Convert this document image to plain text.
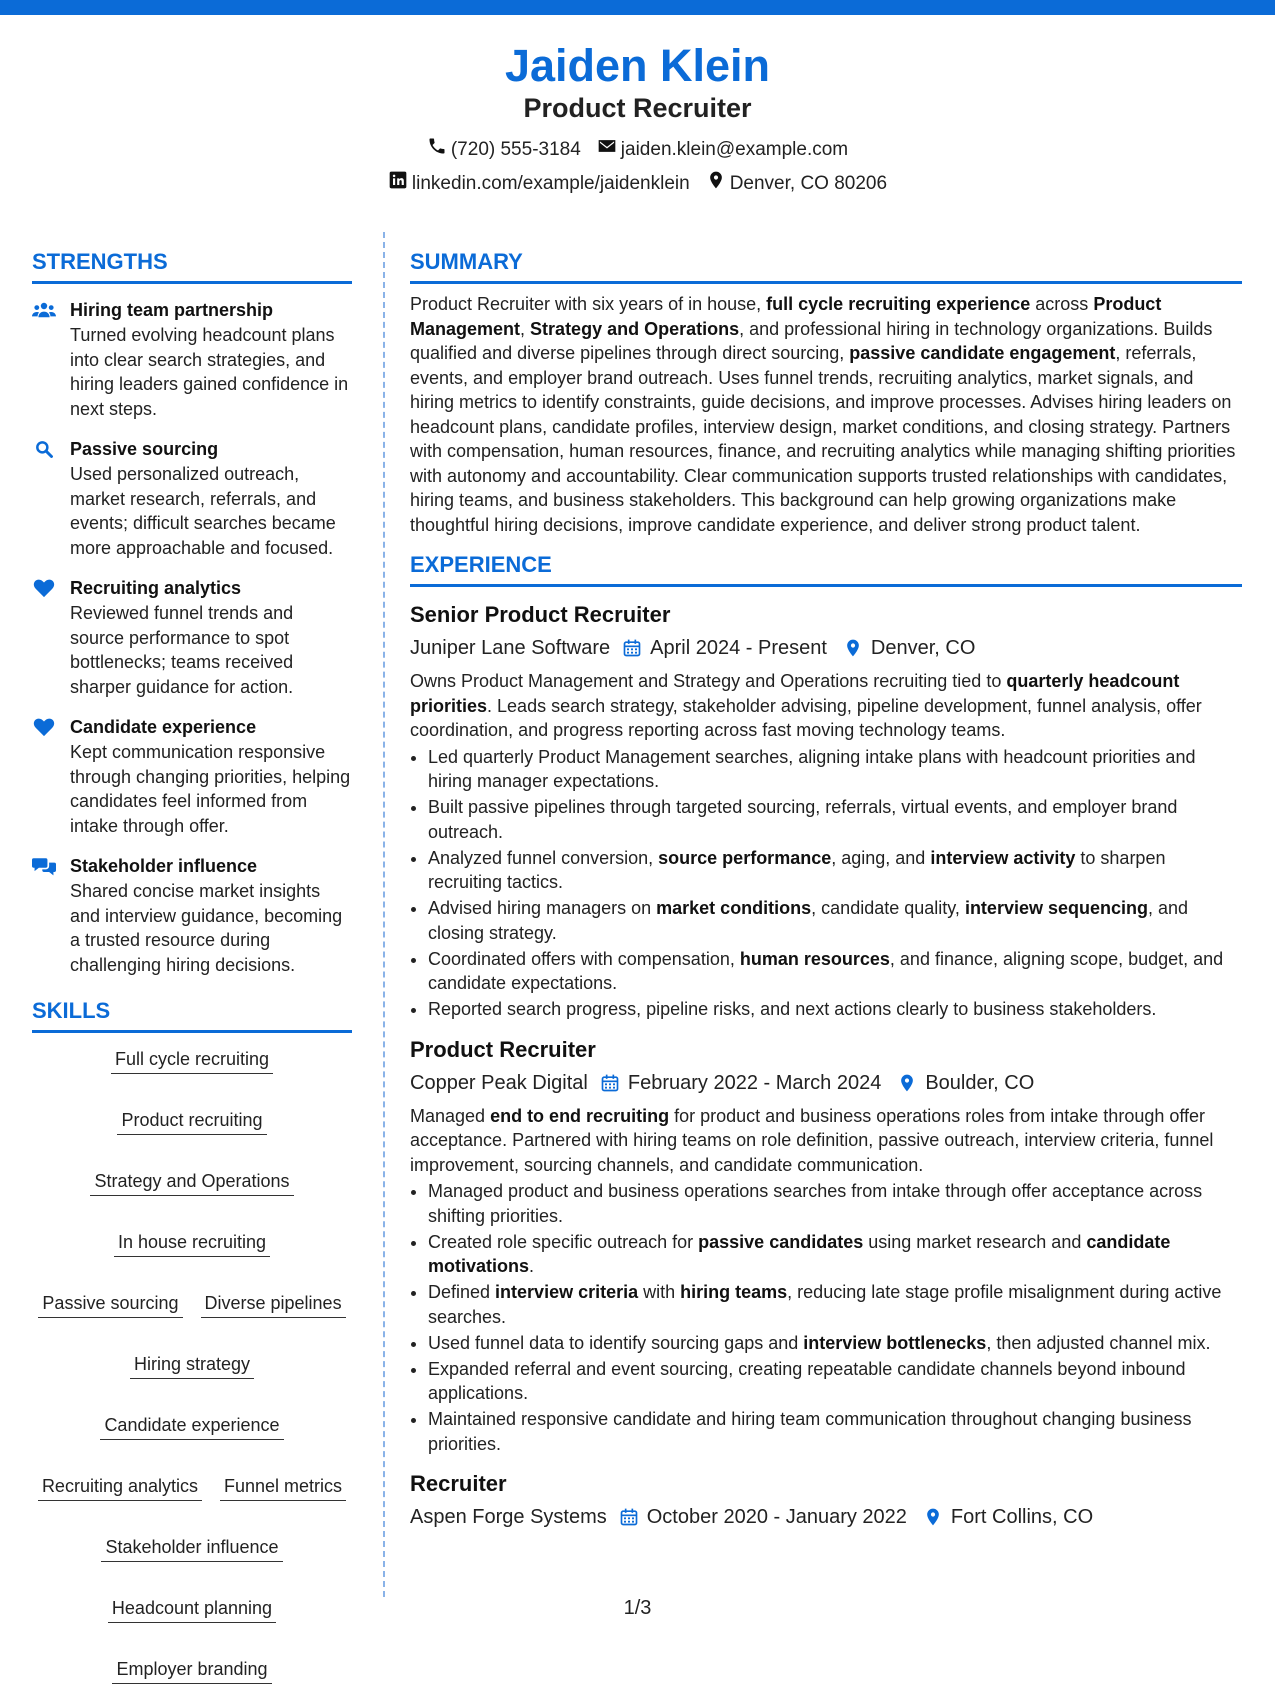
Jaiden Klein
Product Recruiter
(720) 555-3184 jaiden.klein@example.com
linkedin.com/example/jaidenklein Denver, CO 80206
STRENGTHS
Hiring team partnership

Turned evolving headcount plans into clear search strategies, and hiring leaders gained confidence in next steps.

Passive sourcing

Used personalized outreach, market research, referrals, and events; difficult searches became more approachable and focused.

Recruiting analytics

Reviewed funnel trends and source performance to spot bottlenecks; teams received sharper guidance for action.

Candidate experience

Kept communication responsive through changing priorities, helping candidates feel informed from intake through offer.

Stakeholder influence

Shared concise market insights and interview guidance, becoming a trusted resource during challenging hiring decisions.

SKILLS
Full cycle recruiting
Product recruiting
Strategy and Operations
In house recruiting
Passive sourcing Diverse pipelines
Hiring strategy
Candidate experience
Recruiting analytics Funnel metrics
Stakeholder influence
Headcount planning
Employer branding
SUMMARY

Product Recruiter with six years of in house, full cycle recruiting experience across Product Management, Strategy and Operations, and professional hiring in technology organizations. Builds qualified and diverse pipelines through direct sourcing, passive candidate engagement, referrals, events, and employer brand outreach. Uses funnel trends, recruiting analytics, market signals, and hiring metrics to identify constraints, guide decisions, and improve processes. Advises hiring leaders on headcount plans, candidate profiles, interview design, market conditions, and closing strategy. Partners with compensation, human resources, finance, and recruiting analytics while managing shifting priorities with autonomy and accountability. Clear communication supports trusted relationships with candidates, hiring teams, and business stakeholders. This background can help growing organizations make thoughtful hiring decisions, improve candidate experience, and deliver strong product talent.

EXPERIENCE
Senior Product Recruiter
Juniper Lane Software April 2024 - Present Denver, CO

Owns Product Management and Strategy and Operations recruiting tied to quarterly headcount priorities. Leads search strategy, stakeholder advising, pipeline development, funnel analysis, offer coordination, and progress reporting across fast moving technology teams.

• Led quarterly Product Management searches, aligning intake plans with headcount priorities and hiring manager expectations.
• Built passive pipelines through targeted sourcing, referrals, virtual events, and employer brand outreach.
• Analyzed funnel conversion, source performance, aging, and interview activity to sharpen recruiting tactics.
• Advised hiring managers on market conditions, candidate quality, interview sequencing, and closing strategy.
• Coordinated offers with compensation, human resources, and finance, aligning scope, budget, and candidate expectations.
• Reported search progress, pipeline risks, and next actions clearly to business stakeholders.
Product Recruiter
Copper Peak Digital February 2022 - March 2024 Boulder, CO

Managed end to end recruiting for product and business operations roles from intake through offer acceptance. Partnered with hiring teams on role definition, passive outreach, interview criteria, funnel improvement, sourcing channels, and candidate communication.

• Managed product and business operations searches from intake through offer acceptance across shifting priorities.
• Created role specific outreach for passive candidates using market research and candidate motivations.
• Defined interview criteria with hiring teams, reducing late stage profile misalignment during active searches.
• Used funnel data to identify sourcing gaps and interview bottlenecks, then adjusted channel mix.
• Expanded referral and event sourcing, creating repeatable candidate channels beyond inbound applications.
• Maintained responsive candidate and hiring team communication throughout changing business priorities.
Recruiter
Aspen Forge Systems October 2020 - January 2022 Fort Collins, CO
1/3
